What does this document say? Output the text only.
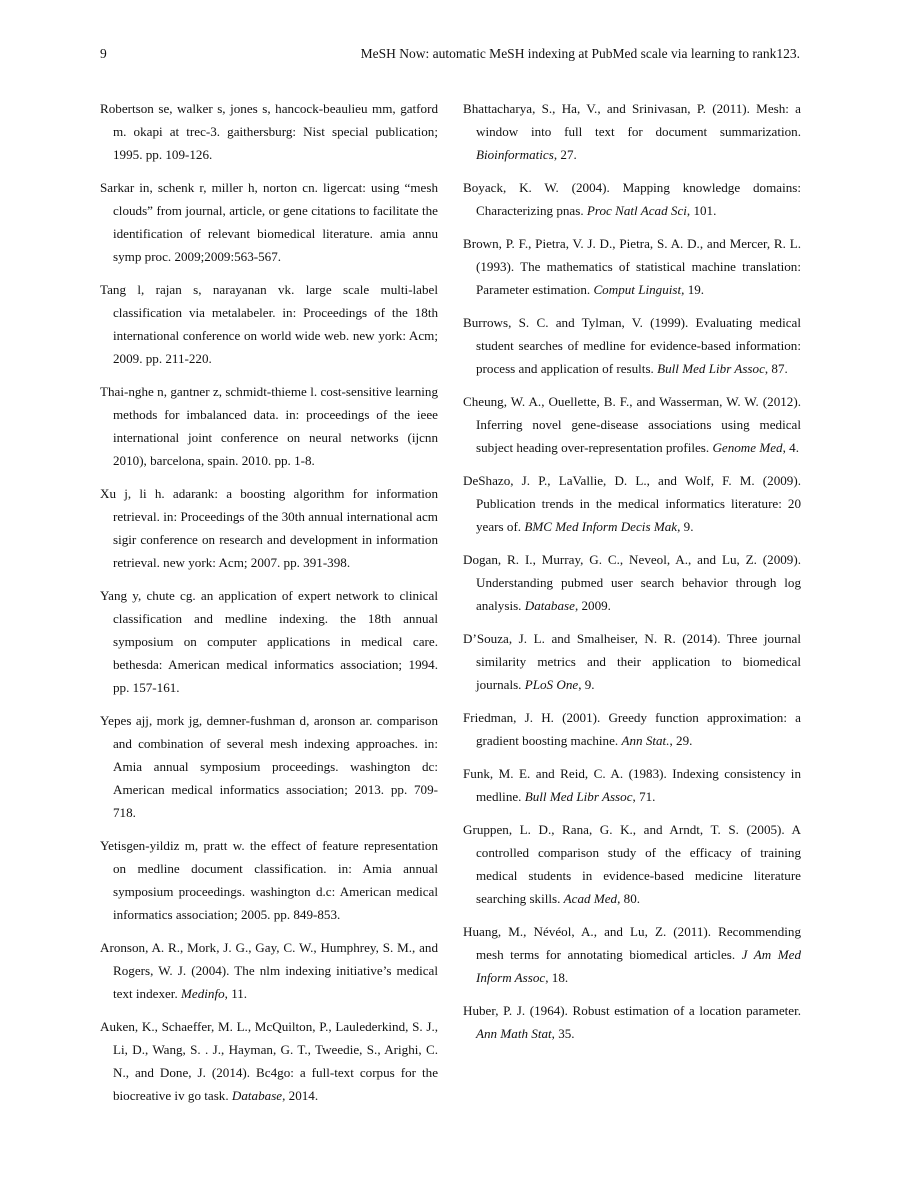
9	MeSH Now: automatic MeSH indexing at PubMed scale via learning to rank123.

Robertson se, walker s, jones s, hancock-beaulieu mm, gatford m. okapi at trec-3. gaithersburg: Nist special publication; 1995. pp. 109-126.

Sarkar in, schenk r, miller h, norton cn. ligercat: using “mesh clouds” from journal, article, or gene citations to facilitate the identification of relevant biomedical literature. amia annu symp proc. 2009;2009:563-567.

Tang l, rajan s, narayanan vk. large scale multi-label classification via metalabeler. in: Proceedings of the 18th international conference on world wide web. new york: Acm; 2009. pp. 211-220.

Thai-nghe n, gantner z, schmidt-thieme l. cost-sensitive learning methods for imbalanced data. in: proceedings of the ieee international joint conference on neural networks (ijcnn 2010), barcelona, spain. 2010. pp. 1-8.

Xu j, li h. adarank: a boosting algorithm for information retrieval. in: Proceedings of the 30th annual international acm sigir conference on research and development in information retrieval. new york: Acm; 2007. pp. 391-398.

Yang y, chute cg. an application of expert network to clinical classification and medline indexing. the 18th annual symposium on computer applications in medical care. bethesda: American medical informatics association; 1994. pp. 157-161.

Yepes ajj, mork jg, demner-fushman d, aronson ar. comparison and combination of several mesh indexing approaches. in: Amia annual symposium proceedings. washington dc: American medical informatics association; 2013. pp. 709-718.

Yetisgen-yildiz m, pratt w. the effect of feature representation on medline document classification. in: Amia annual symposium proceedings. washington d.c: American medical informatics association; 2005. pp. 849-853.

Aronson, A. R., Mork, J. G., Gay, C. W., Humphrey, S. M., and Rogers, W. J. (2004). The nlm indexing initiative’s medical text indexer. Medinfo, 11.

Auken, K., Schaeffer, M. L., McQuilton, P., Laulederkind, S. J., Li, D., Wang, S. . J., Hayman, G. T., Tweedie, S., Arighi, C. N., and Done, J. (2014). Bc4go: a full-text corpus for the biocreative iv go task. Database, 2014.

Bhattacharya, S., Ha, V., and Srinivasan, P. (2011). Mesh: a window into full text for document summarization. Bioinformatics, 27.

Boyack, K. W. (2004). Mapping knowledge domains: Characterizing pnas. Proc Natl Acad Sci, 101.

Brown, P. F., Pietra, V. J. D., Pietra, S. A. D., and Mercer, R. L. (1993). The mathematics of statistical machine translation: Parameter estimation. Comput Linguist, 19.

Burrows, S. C. and Tylman, V. (1999). Evaluating medical student searches of medline for evidence-based information: process and application of results. Bull Med Libr Assoc, 87.

Cheung, W. A., Ouellette, B. F., and Wasserman, W. W. (2012). Inferring novel gene-disease associations using medical subject heading over-representation profiles. Genome Med, 4.

DeShazo, J. P., LaVallie, D. L., and Wolf, F. M. (2009). Publication trends in the medical informatics literature: 20 years of. BMC Med Inform Decis Mak, 9.

Dogan, R. I., Murray, G. C., Neveol, A., and Lu, Z. (2009). Understanding pubmed user search behavior through log analysis. Database, 2009.

D’Souza, J. L. and Smalheiser, N. R. (2014). Three journal similarity metrics and their application to biomedical journals. PLoS One, 9.

Friedman, J. H. (2001). Greedy function approximation: a gradient boosting machine. Ann Stat., 29.

Funk, M. E. and Reid, C. A. (1983). Indexing consistency in medline. Bull Med Libr Assoc, 71.

Gruppen, L. D., Rana, G. K., and Arndt, T. S. (2005). A controlled comparison study of the efficacy of training medical students in evidence-based medicine literature searching skills. Acad Med, 80.

Huang, M., Névéol, A., and Lu, Z. (2011). Recommending mesh terms for annotating biomedical articles. J Am Med Inform Assoc, 18.

Huber, P. J. (1964). Robust estimation of a location parameter. Ann Math Stat, 35.
